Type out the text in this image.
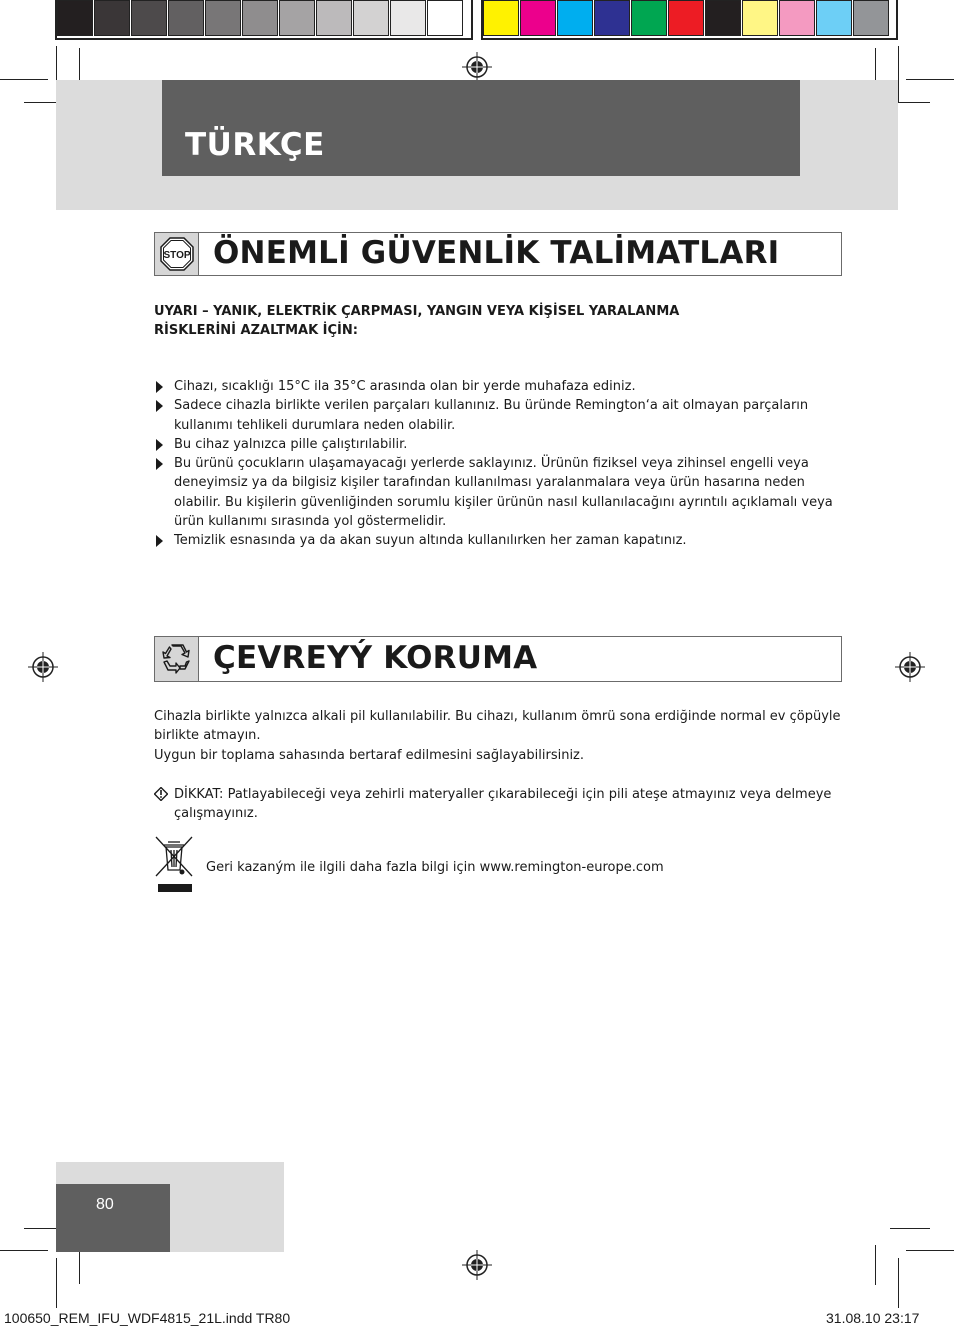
TÜRKÇE
STOP ÖNEMLİ GÜVENLİK TALİMATLARI
UYARI – YANIK, ELEKTRİK ÇARPMASI, YANGIN VEYA KİŞİSEL YARALANMA
RİSKLERİNİ AZALTMAK İÇİN:
Cihazı, sıcaklığı 15°C ila 35°C arasında olan bir yerde muhafaza ediniz.
Sadece cihazla birlikte verilen parçaları kullanınız. Bu üründe Remington‘a ait olmayan parçaların kullanımı tehlikeli durumlara neden olabilir.
Bu cihaz yalnızca pille çalıştırılabilir.
Bu ürünü çocukların ulaşamayacağı yerlerde saklayınız. Ürünün fiziksel veya zihinsel engelli veya deneyimsiz ya da bilgisiz kişiler tarafından kullanılması yaralanmalara veya ürün hasarına neden olabilir. Bu kişilerin güvenliğinden sorumlu kişiler ürünün nasıl kullanılacağını ayrıntılı açıklamalı veya ürün kullanımı sırasında yol göstermelidir.
Temizlik esnasında ya da akan suyun altında kullanılırken her zaman kapatınız.
ÇEVREYÝ KORUMA
Cihazla birlikte yalnızca alkali pil kullanılabilir. Bu cihazı, kullanım ömrü sona erdiğinde normal ev çöpüyle birlikte atmayın.
Uygun bir toplama sahasında bertaraf edilmesini sağlayabilirsiniz.
DİKKAT: Patlayabileceği veya zehirli materyaller çıkarabileceği için pili ateşe atmayınız veya delmeye çalışmayınız.
Geri kazaným ile ilgili daha fazla bilgi için www.remington-europe.com
80
100650_REM_IFU_WDF4815_21L.indd TR80	31.08.10 23:17
